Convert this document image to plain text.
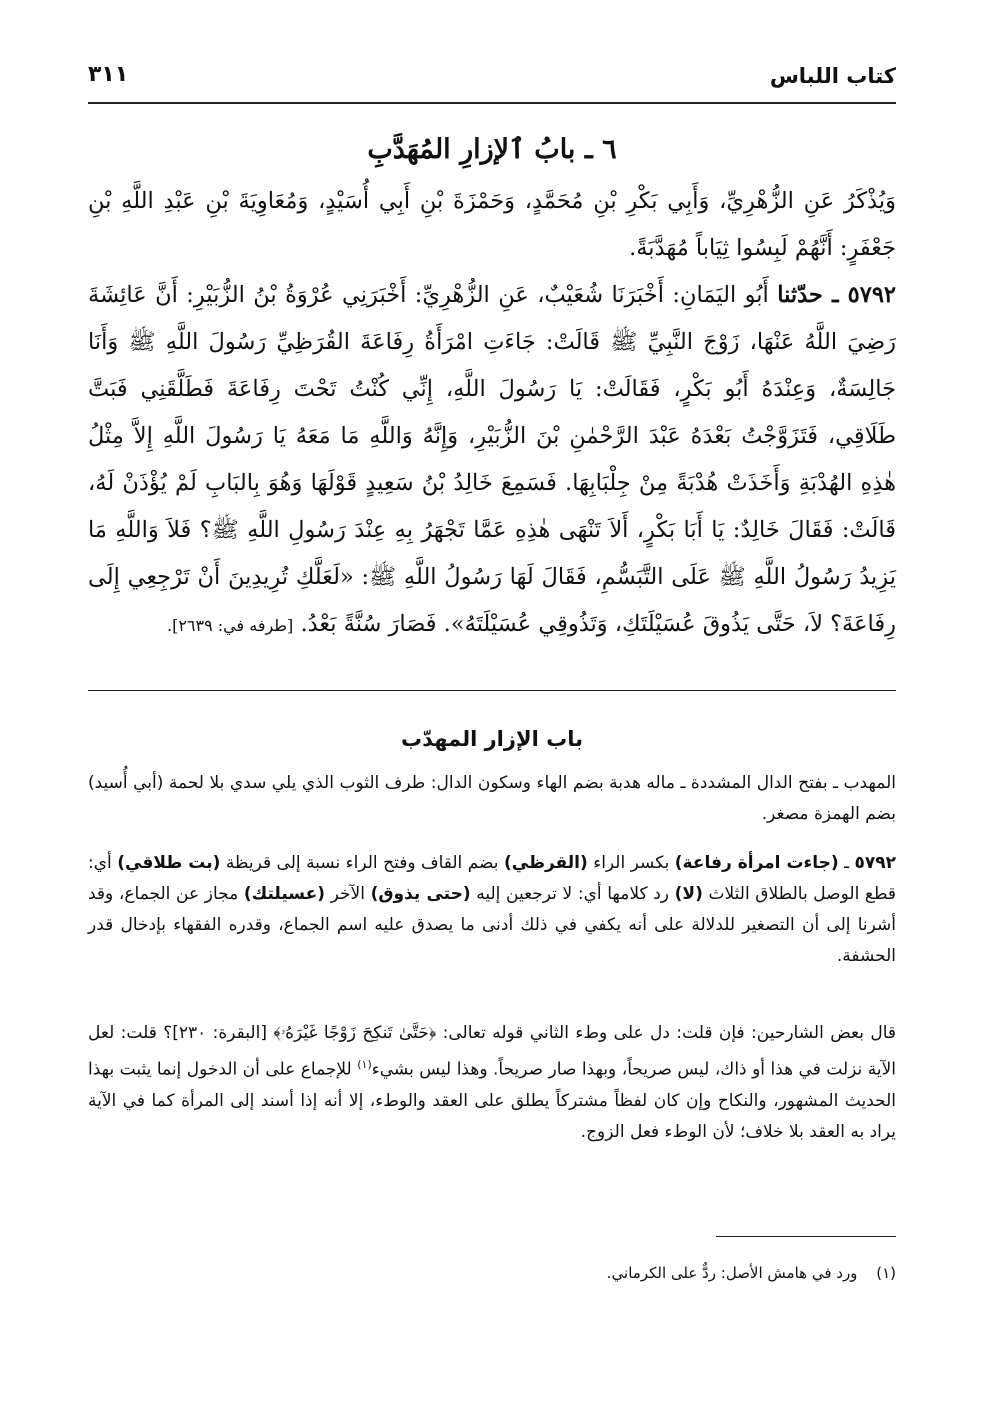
كتاب اللباس
٣١١
٦ ـ بابُ ٱلإزارِ المُهَدَّبِ

وَيُذْكَرُ عَنِ الزُّهْرِيِّ، وَأَبِي بَكْرِ بْنِ مُحَمَّدٍ، وَحَمْزَةَ بْنِ أَبِي أُسَيْدٍ، وَمُعَاوِيَةَ بْنِ عَبْدِ اللَّهِ بْنِ جَعْفَرٍ: أَنَّهُمْ لَبِسُوا ثِيَاباً مُهَدَّبَةً.

٥٧٩٢ ـ حدّثنا أَبُو اليَمَانِ: أَخْبَرَنَا شُعَيْبٌ، عَنِ الزُّهْرِيِّ: أَخْبَرَنِي عُرْوَةُ بْنُ الزُّبَيْرِ: أَنَّ عَائِشَةَ رَضِيَ اللَّهُ عَنْهَا، زَوْجَ النَّبِيِّ ﷺ قَالَتْ: جَاءَتِ امْرَأَةُ رِفَاعَةَ القُرَظِيِّ رَسُولَ اللَّهِ ﷺ وَأَنَا جَالِسَةٌ، وَعِنْدَهُ أَبُو بَكْرٍ، فَقَالَتْ: يَا رَسُولَ اللَّهِ، إِنِّي كُنْتُ تَحْتَ رِفَاعَةَ فَطَلَّقَنِي فَبَتَّ طَلَاقِي، فَتَزَوَّجْتُ بَعْدَهُ عَبْدَ الرَّحْمٰنِ بْنَ الزُّبَيْرِ، وَإِنَّهُ وَاللَّهِ مَا مَعَهُ يَا رَسُولَ اللَّهِ إِلاَّ مِثْلُ هٰذِهِ الهُدْبَةِ وَأَخَذَتْ هُدْبَةً مِنْ جِلْبَابِهَا. فَسَمِعَ خَالِدُ بْنُ سَعِيدٍ قَوْلَهَا وَهُوَ بِالبَابِ لَمْ يُؤْذَنْ لَهُ، قَالَتْ: فَقَالَ خَالِدٌ: يَا أَبَا بَكْرٍ، أَلاَ تَنْهَى هٰذِهِ عَمَّا تَجْهَرُ بِهِ عِنْدَ رَسُولِ اللَّهِ ﷺ؟ فَلاَ وَاللَّهِ مَا يَزِيدُ رَسُولُ اللَّهِ ﷺ عَلَى التَّبَسُّمِ، فَقَالَ لَهَا رَسُولُ اللَّهِ ﷺ: «لَعَلَّكِ تُرِيدِينَ أَنْ تَرْجِعِي إِلَى رِفَاعَةَ؟ لاَ، حَتَّى يَذُوقَ عُسَيْلَتَكِ، وَتَذُوقِي عُسَيْلَتَهُ». فَصَارَ سُنَّةً بَعْدُ. [طرفه في: ٢٦٣٩].

باب الإزار المهدّب

المهدب ـ بفتح الدال المشددة ـ ماله هدبة بضم الهاء وسكون الدال: طرف الثوب الذي يلي سدي بلا لحمة (أبي أُسيد) بضم الهمزة مصغر.

٥٧٩٢ ـ (جاءت امرأة رفاعة) بكسر الراء (القرظي) بضم القاف وفتح الراء نسبة إلى قريظة (بت طلاقي) أي: قطع الوصل بالطلاق الثلاث (لا) رد كلامها أي: لا ترجعين إليه (حتى يذوق) الآخر (عسيلتك) مجاز عن الجماع، وقد أشرنا إلى أن التصغير للدلالة على أنه يكفي في ذلك أدنى ما يصدق عليه اسم الجماع، وقدره الفقهاء بإدخال قدر الحشفة.

قال بعض الشارحين: فإن قلت: دل على وطء الثاني قوله تعالى: ﴿حَتَّىٰ تَنكِحَ زَوْجًا غَيْرَهُۥ﴾ [البقرة: ٢٣٠]؟ قلت: لعل الآية نزلت في هذا أو ذاك، ليس صريحاً، وبهذا صار صريحاً. وهذا ليس بشيء$^{(١)}$ للإجماع على أن الدخول إنما يثبت بهذا الحديث المشهور، والنكاح وإن كان لفظاً مشتركاً يطلق على العقد والوطء، إلا أنه إذا أسند إلى المرأة كما في الآية يراد به العقد بلا خلاف؛ لأن الوطء فعل الزوج.

(١) ورد في هامش الأصل: ردٌّ على الكرماني.
